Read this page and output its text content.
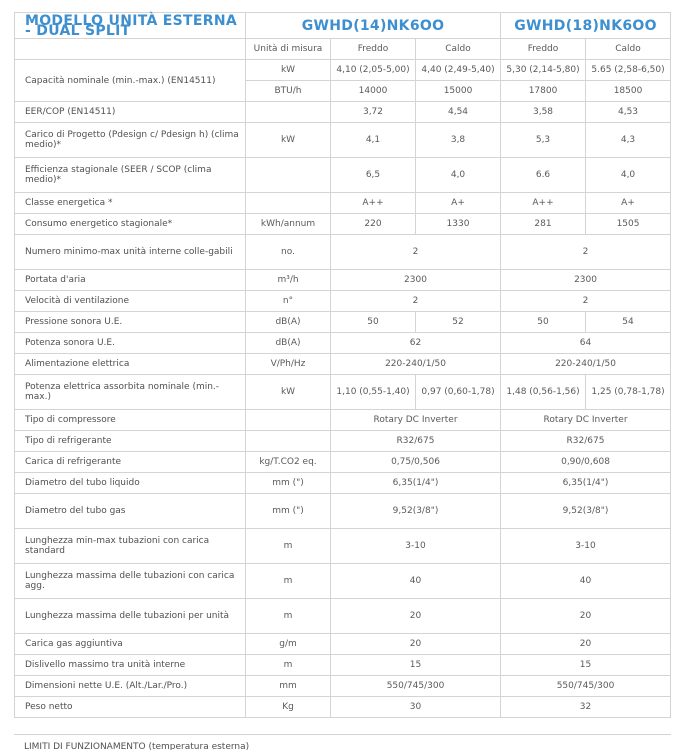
MODELLO UNITÀ ESTERNA - DUAL SPLIT	GWHD(14)NK6OO			GWHD(18)NK6OO	
	Unità di misura	Freddo	Caldo	Freddo	Caldo
Capacità nominale (min.-max.) (EN14511)	kW	4,10 (2,05-5,00)	4,40 (2,49-5,40)	5,30 (2,14-5,80)	5.65 (2,58-6,50)
	BTU/h	14000	15000	17800	18500
EER/COP (EN14511)		3,72	4,54	3,58	4,53
Carico di Progetto (Pdesign c/ Pdesign h) (clima medio)*	kW	4,1	3,8	5,3	4,3
Efficienza stagionale (SEER / SCOP (clima medio)*		6,5	4,0	6.6	4,0
Classe energetica *		A++	A+	A++	A+
Consumo energetico stagionale*	kWh/annum	220	1330	281	1505
Numero minimo-max unità interne colle-gabili	no.	2		2	
Portata d'aria	m³/h	2300		2300	
Velocità di ventilazione	n°	2		2	
Pressione sonora U.E.	dB(A)	50	52	50	54
Potenza sonora U.E.	dB(A)	62		64	
Alimentazione elettrica	V/Ph/Hz	220-240/1/50		220-240/1/50	
Potenza elettrica assorbita nominale (min.-max.)	kW	1,10 (0,55-1,40)	0,97 (0,60-1,78)	1,48 (0,56-1,56)	1,25 (0,78-1,78)
Tipo di compressore		Rotary DC Inverter		Rotary DC Inverter	
Tipo di refrigerante		R32/675		R32/675	
Carica di refrigerante	kg/T.CO2 eq.	0,75/0,506		0,90/0,608	
Diametro del tubo liquido	mm (")	6,35(1/4")		6,35(1/4")	
Diametro del tubo gas	mm (")	9,52(3/8")		9,52(3/8")	
Lunghezza min-max tubazioni con carica standard	m	3-10		3-10	
Lunghezza massima delle tubazioni con carica agg.	m	40		40	
Lunghezza massima delle tubazioni per unità	m	20		20	
Carica gas aggiuntiva	g/m	20		20	
Dislivello massimo tra unità interne	m	15		15	
Dimensioni nette U.E. (Alt./Lar./Pro.)	mm	550/745/300		550/745/300	
Peso netto	Kg	30		32	
LIMITI DI FUNZIONAMENTO (temperatura esterna)
